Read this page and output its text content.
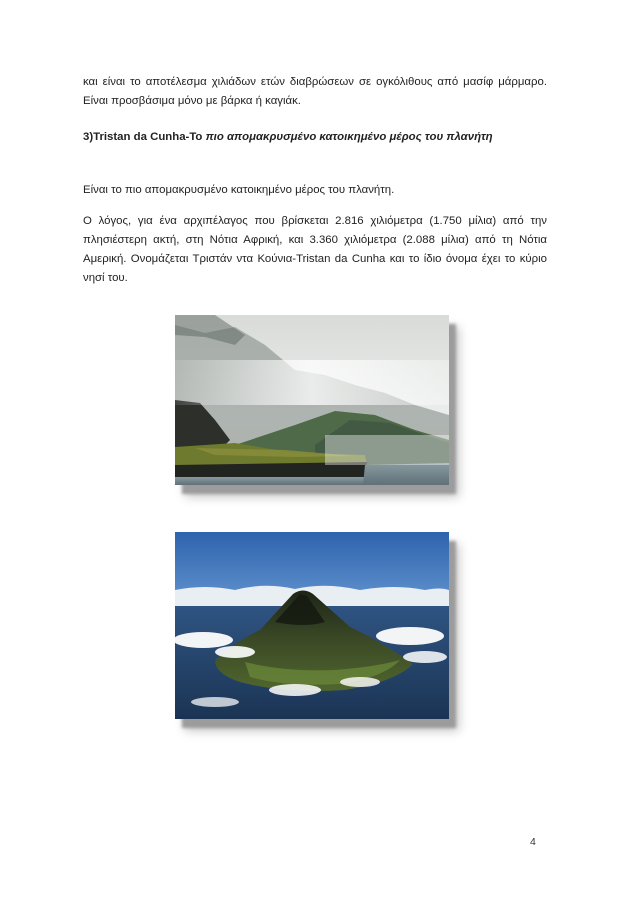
και είναι το αποτέλεσμα χιλιάδων ετών διαβρώσεων σε ογκόλιθους από μασίφ μάρμαρο. Είναι προσβάσιμα μόνο με βάρκα ή καγιάκ.

3)Tristan da Cunha-Το πιο απομακρυσμένο κατοικημένο μέρος του πλανήτη

Είναι το πιο απομακρυσμένο κατοικημένο μέρος του πλανήτη.

Ο λόγος, για ένα αρχιπέλαγος που βρίσκεται 2.816 χιλιόμετρα (1.750 μίλια) από την πλησιέστερη ακτή, στη Νότια Αφρική, και 3.360 χιλιόμετρα (2.088 μίλια) από τη Νότια Αμερική. Ονομάζεται Τριστάν ντα Κούνια-Tristan da Cunha και το ίδιο όνομα έχει το κύριο νησί του.

4
